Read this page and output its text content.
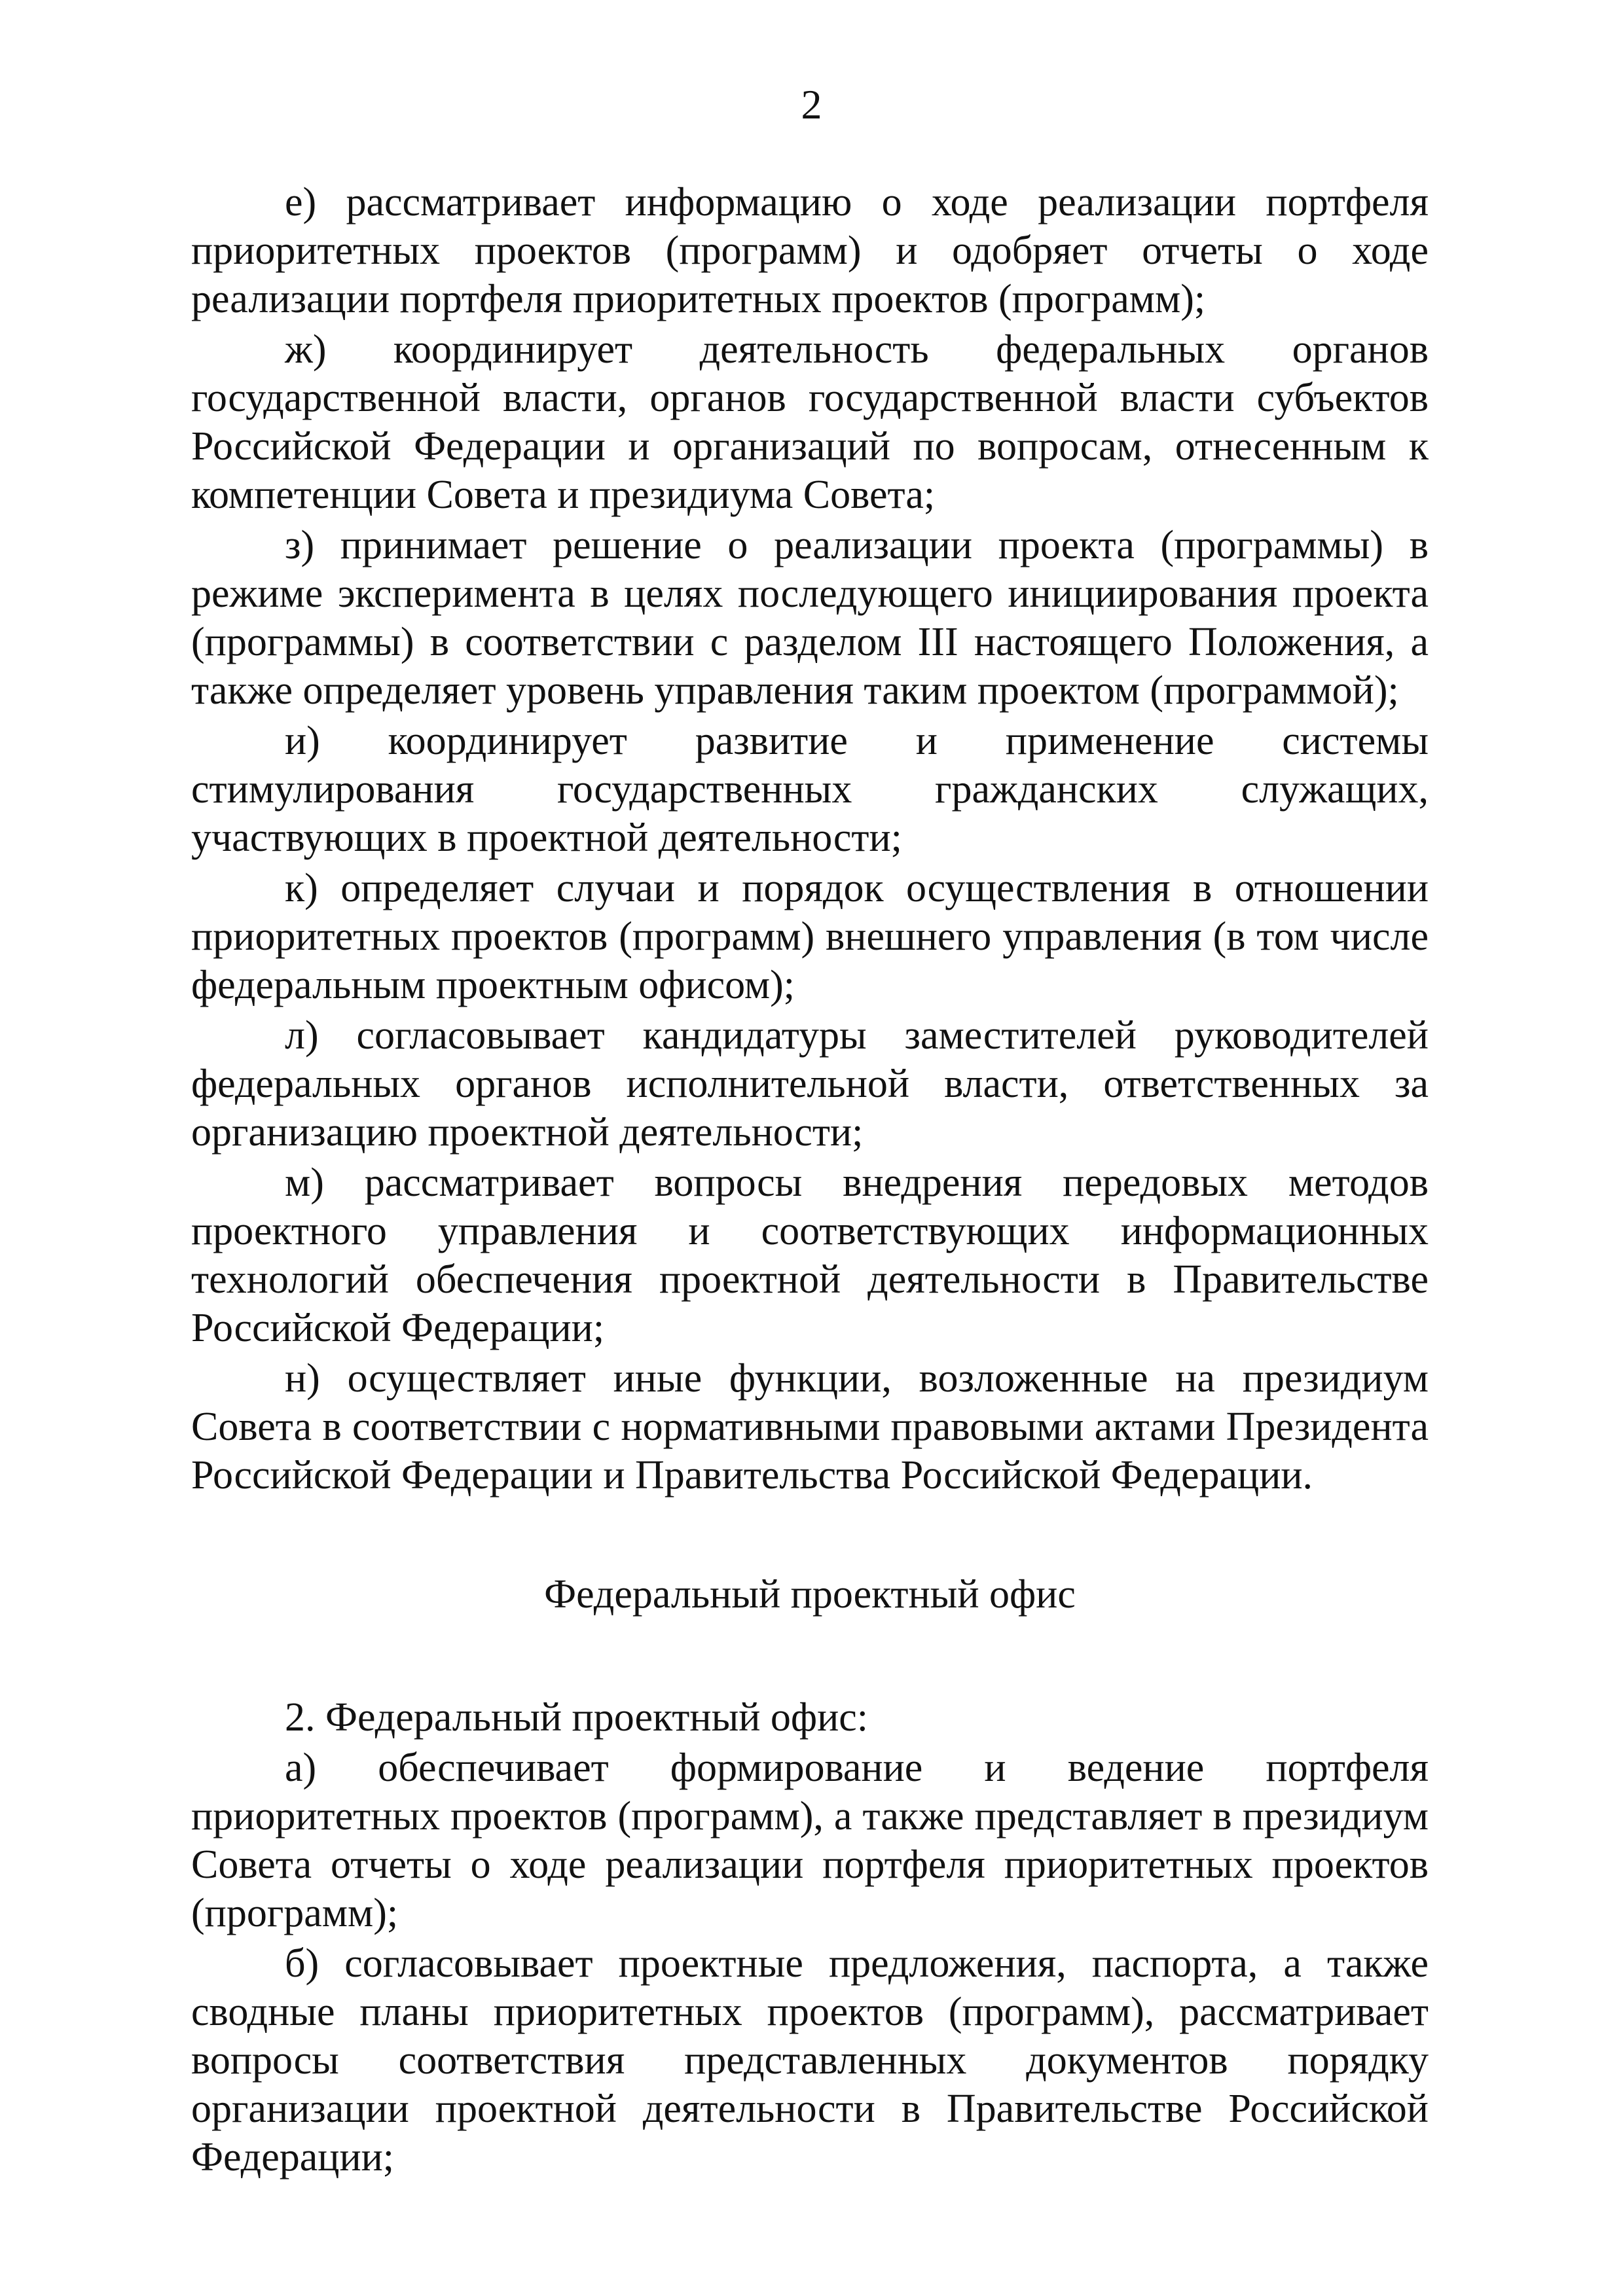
2

е) рассматривает информацию о ходе реализации портфеля приоритетных проектов (программ) и одобряет отчеты о ходе реализации портфеля приоритетных проектов (программ);

ж) координирует деятельность федеральных органов государственной власти, органов государственной власти субъектов Российской Федерации и организаций по вопросам, отнесенным к компетенции Совета и президиума Совета;

з) принимает решение о реализации проекта (программы) в режиме эксперимента в целях последующего инициирования проекта (программы) в соответствии с разделом III настоящего Положения, а также определяет уровень управления таким проектом (программой);

и) координирует развитие и применение системы стимулирования государственных гражданских служащих, участвующих в проектной деятельности;

к) определяет случаи и порядок осуществления в отношении приоритетных проектов (программ) внешнего управления (в том числе федеральным проектным офисом);

л) согласовывает кандидатуры заместителей руководителей федеральных органов исполнительной власти, ответственных за организацию проектной деятельности;

м) рассматривает вопросы внедрения передовых методов проектного управления и соответствующих информационных технологий обеспечения проектной деятельности в Правительстве Российской Федерации;

н) осуществляет иные функции, возложенные на президиум Совета в соответствии с нормативными правовыми актами Президента Российской Федерации и Правительства Российской Федерации.

Федеральный проектный офис

2. Федеральный проектный офис:

а) обеспечивает формирование и ведение портфеля приоритетных проектов (программ), а также представляет в президиум Совета отчеты о ходе реализации портфеля приоритетных проектов (программ);

б) согласовывает проектные предложения, паспорта, а также сводные планы приоритетных проектов (программ), рассматривает вопросы соответствия представленных документов порядку организации проектной деятельности в Правительстве Российской Федерации;
